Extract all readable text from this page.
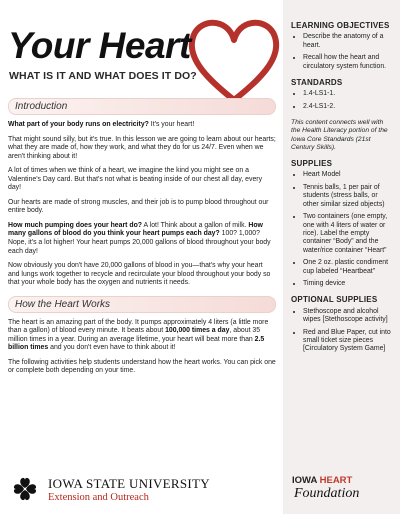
Your Heart
WHAT IS IT AND WHAT DOES IT DO?
Introduction

What part of your body runs on electricity? It's your heart!

That might sound silly, but it's true. In this lesson we are going to learn about our hearts; what they are made of, how they work, and what they do for us 24/7. Even when we aren't thinking about it!

A lot of times when we think of a heart, we imagine the kind you might see on a Valentine's Day card. But that's not what is beating inside of our chest all day, every day!

Our hearts are made of strong muscles, and their job is to pump blood throughout our entire body.

How much pumping does your heart do? A lot! Think about a gallon of milk. How many gallons of blood do you think your heart pumps each day? 100? 1,000? Nope, it's a lot higher! Your heart pumps 20,000 gallons of blood throughout your body each day!

Now obviously you don't have 20,000 gallons of blood in you—that's why your heart and lungs work together to recycle and recirculate your blood throughout your body so that your whole body has the oxygen and nutrients it needs.

How the Heart Works

The heart is an amazing part of the body. It pumps approximately 4 liters (a little more than a gallon) of blood every minute. It beats about 100,000 times a day, about 35 million times in a year. During an average lifetime, your heart will beat more than 2.5 billion times and you don't even have to think about it!

The following activities help students understand how the heart works. You can pick one or complete both depending on your time.

LEARNING OBJECTIVES
• Describe the anatomy of a heart.
• Recall how the heart and circulatory system function.
STANDARDS
• 1.4-LS1-1.
• 2.4-LS1-2.
This content connects well with the Health Literacy portion of the Iowa Core Standards (21st Century Skills).
SUPPLIES
• Heart Model
• Tennis balls, 1 per pair of students (stress balls, or other similar sized objects)
• Two containers (one empty, one with 4 liters of water or rice). Label the empty container “Body” and the water/rice container “Heart”
• One 2 oz. plastic condiment cup labeled “Heartbeat”
• Timing device
OPTIONAL SUPPLIES
• Stethoscope and alcohol wipes [Stethoscope activity]
• Red and Blue Paper, cut into small ticket size pieces [Circulatory System Game]
IOWA STATE UNIVERSITY
Extension and Outreach
IOWA HEART
Foundation
